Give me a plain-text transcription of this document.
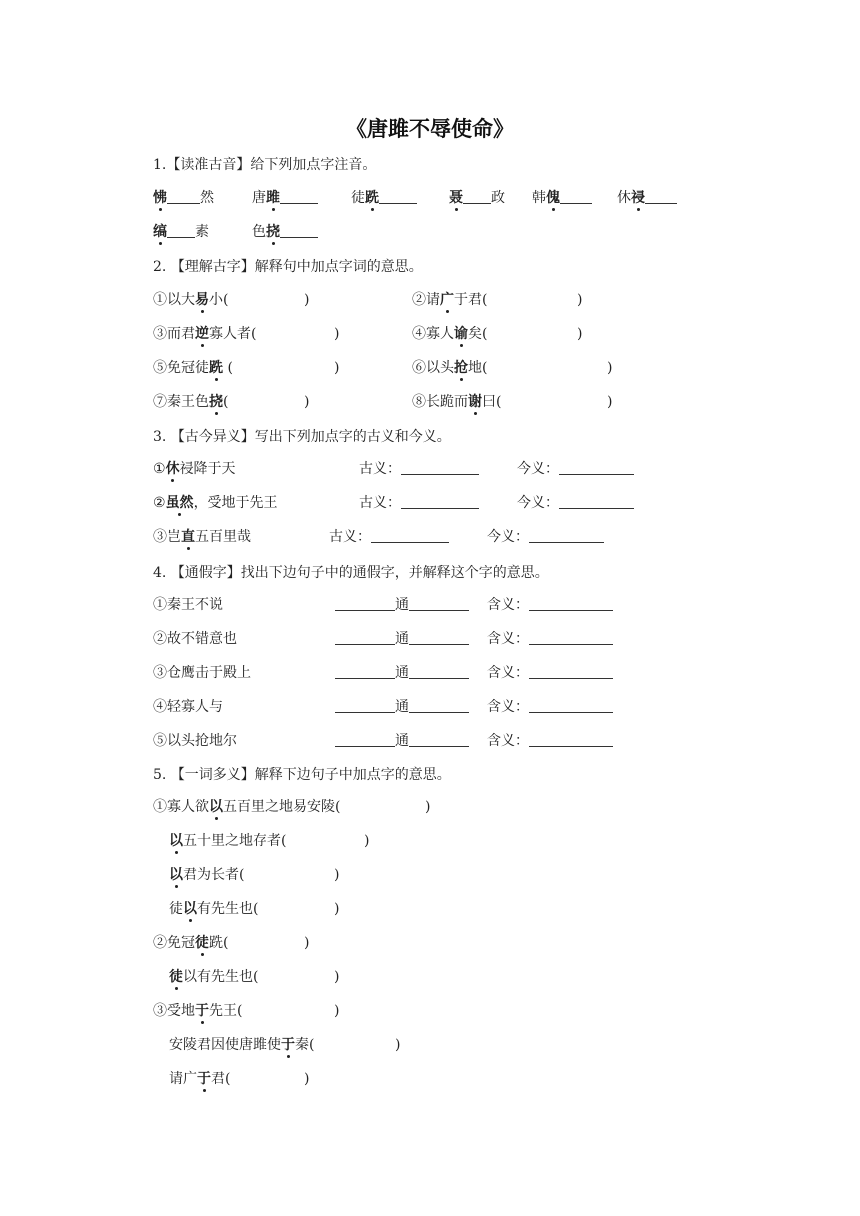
《唐雎不辱使命》
1.【读准古音】给下列加点字注音。
怫 然	唐雎	徒跣	聂 政 韩傀	休祲
缟 素	色挠
2. 【理解古字】解释句中加点字词的意思。
①以大易小(	)	②请广于君(	)
③而君逆寡人者(	)	④寡人谕矣(	)
⑤免冠徒跣 (	)	⑥以头抢地(	)
⑦秦王色挠(	)	⑧长跪而谢曰(	)
3. 【古今异义】写出下列加点字的古义和今义。
①休祲降于天	古义：	今义：
②虽然，受地于先王	古义：	今义：
③岂直五百里哉	古义：	今义：
4. 【通假字】找出下边句子中的通假字，并解释这个字的意思。
①秦王不说	通	含义：
②故不错意也	通	含义：
③仓鹰击于殿上	通	含义：
④轻寡人与	通	含义：
⑤以头抢地尔	通	含义：
5. 【一词多义】解释下边句子中加点字的意思。
①寡人欲以五百里之地易安陵(	)
以五十里之地存者(	)
以君为长者(	)
徒以有先生也(	)
②免冠徒跣(	)
徒以有先生也(	)
③受地于先王(	)
安陵君因使唐雎使于秦(	)
请广于君(	)
